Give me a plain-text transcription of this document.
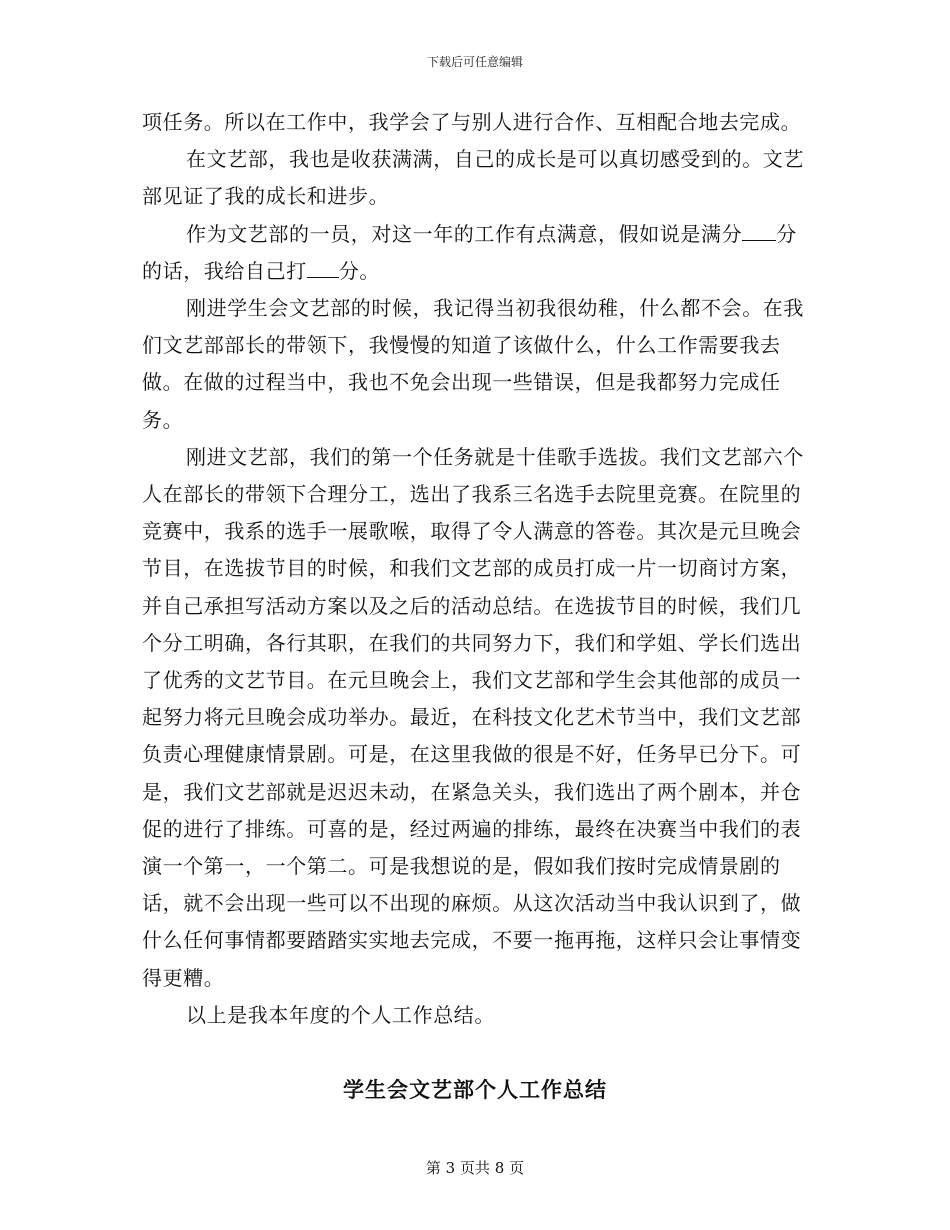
下载后可任意编辑

项任务。所以在工作中，我学会了与别人进行合作、互相配合地去完成。

在文艺部，我也是收获满满，自己的成长是可以真切感受到的。文艺部见证了我的成长和进步。

作为文艺部的一员，对这一年的工作有点满意，假如说是满分 分的话，我给自己打 分。

刚进学生会文艺部的时候，我记得当初我很幼稚，什么都不会。在我们文艺部部长的带领下，我慢慢的知道了该做什么，什么工作需要我去做。在做的过程当中，我也不免会出现一些错误，但是我都努力完成任务。

刚进文艺部，我们的第一个任务就是十佳歌手选拔。我们文艺部六个人在部长的带领下合理分工，选出了我系三名选手去院里竞赛。在院里的竞赛中，我系的选手一展歌喉，取得了令人满意的答卷。其次是元旦晚会节目，在选拔节目的时候，和我们文艺部的成员打成一片一切商讨方案，并自己承担写活动方案以及之后的活动总结。在选拔节目的时候，我们几个分工明确，各行其职，在我们的共同努力下，我们和学姐、学长们选出了优秀的文艺节目。在元旦晚会上，我们文艺部和学生会其他部的成员一起努力将元旦晚会成功举办。最近，在科技文化艺术节当中，我们文艺部负责心理健康情景剧。可是，在这里我做的很是不好，任务早已分下。可是，我们文艺部就是迟迟未动，在紧急关头，我们选出了两个剧本，并仓促的进行了排练。可喜的是，经过两遍的排练，最终在决赛当中我们的表演一个第一，一个第二。可是我想说的是，假如我们按时完成情景剧的话，就不会出现一些可以不出现的麻烦。从这次活动当中我认识到了，做什么任何事情都要踏踏实实地去完成，不要一拖再拖，这样只会让事情变得更糟。

以上是我本年度的个人工作总结。

学生会文艺部个人工作总结
第 3 页共 8 页
